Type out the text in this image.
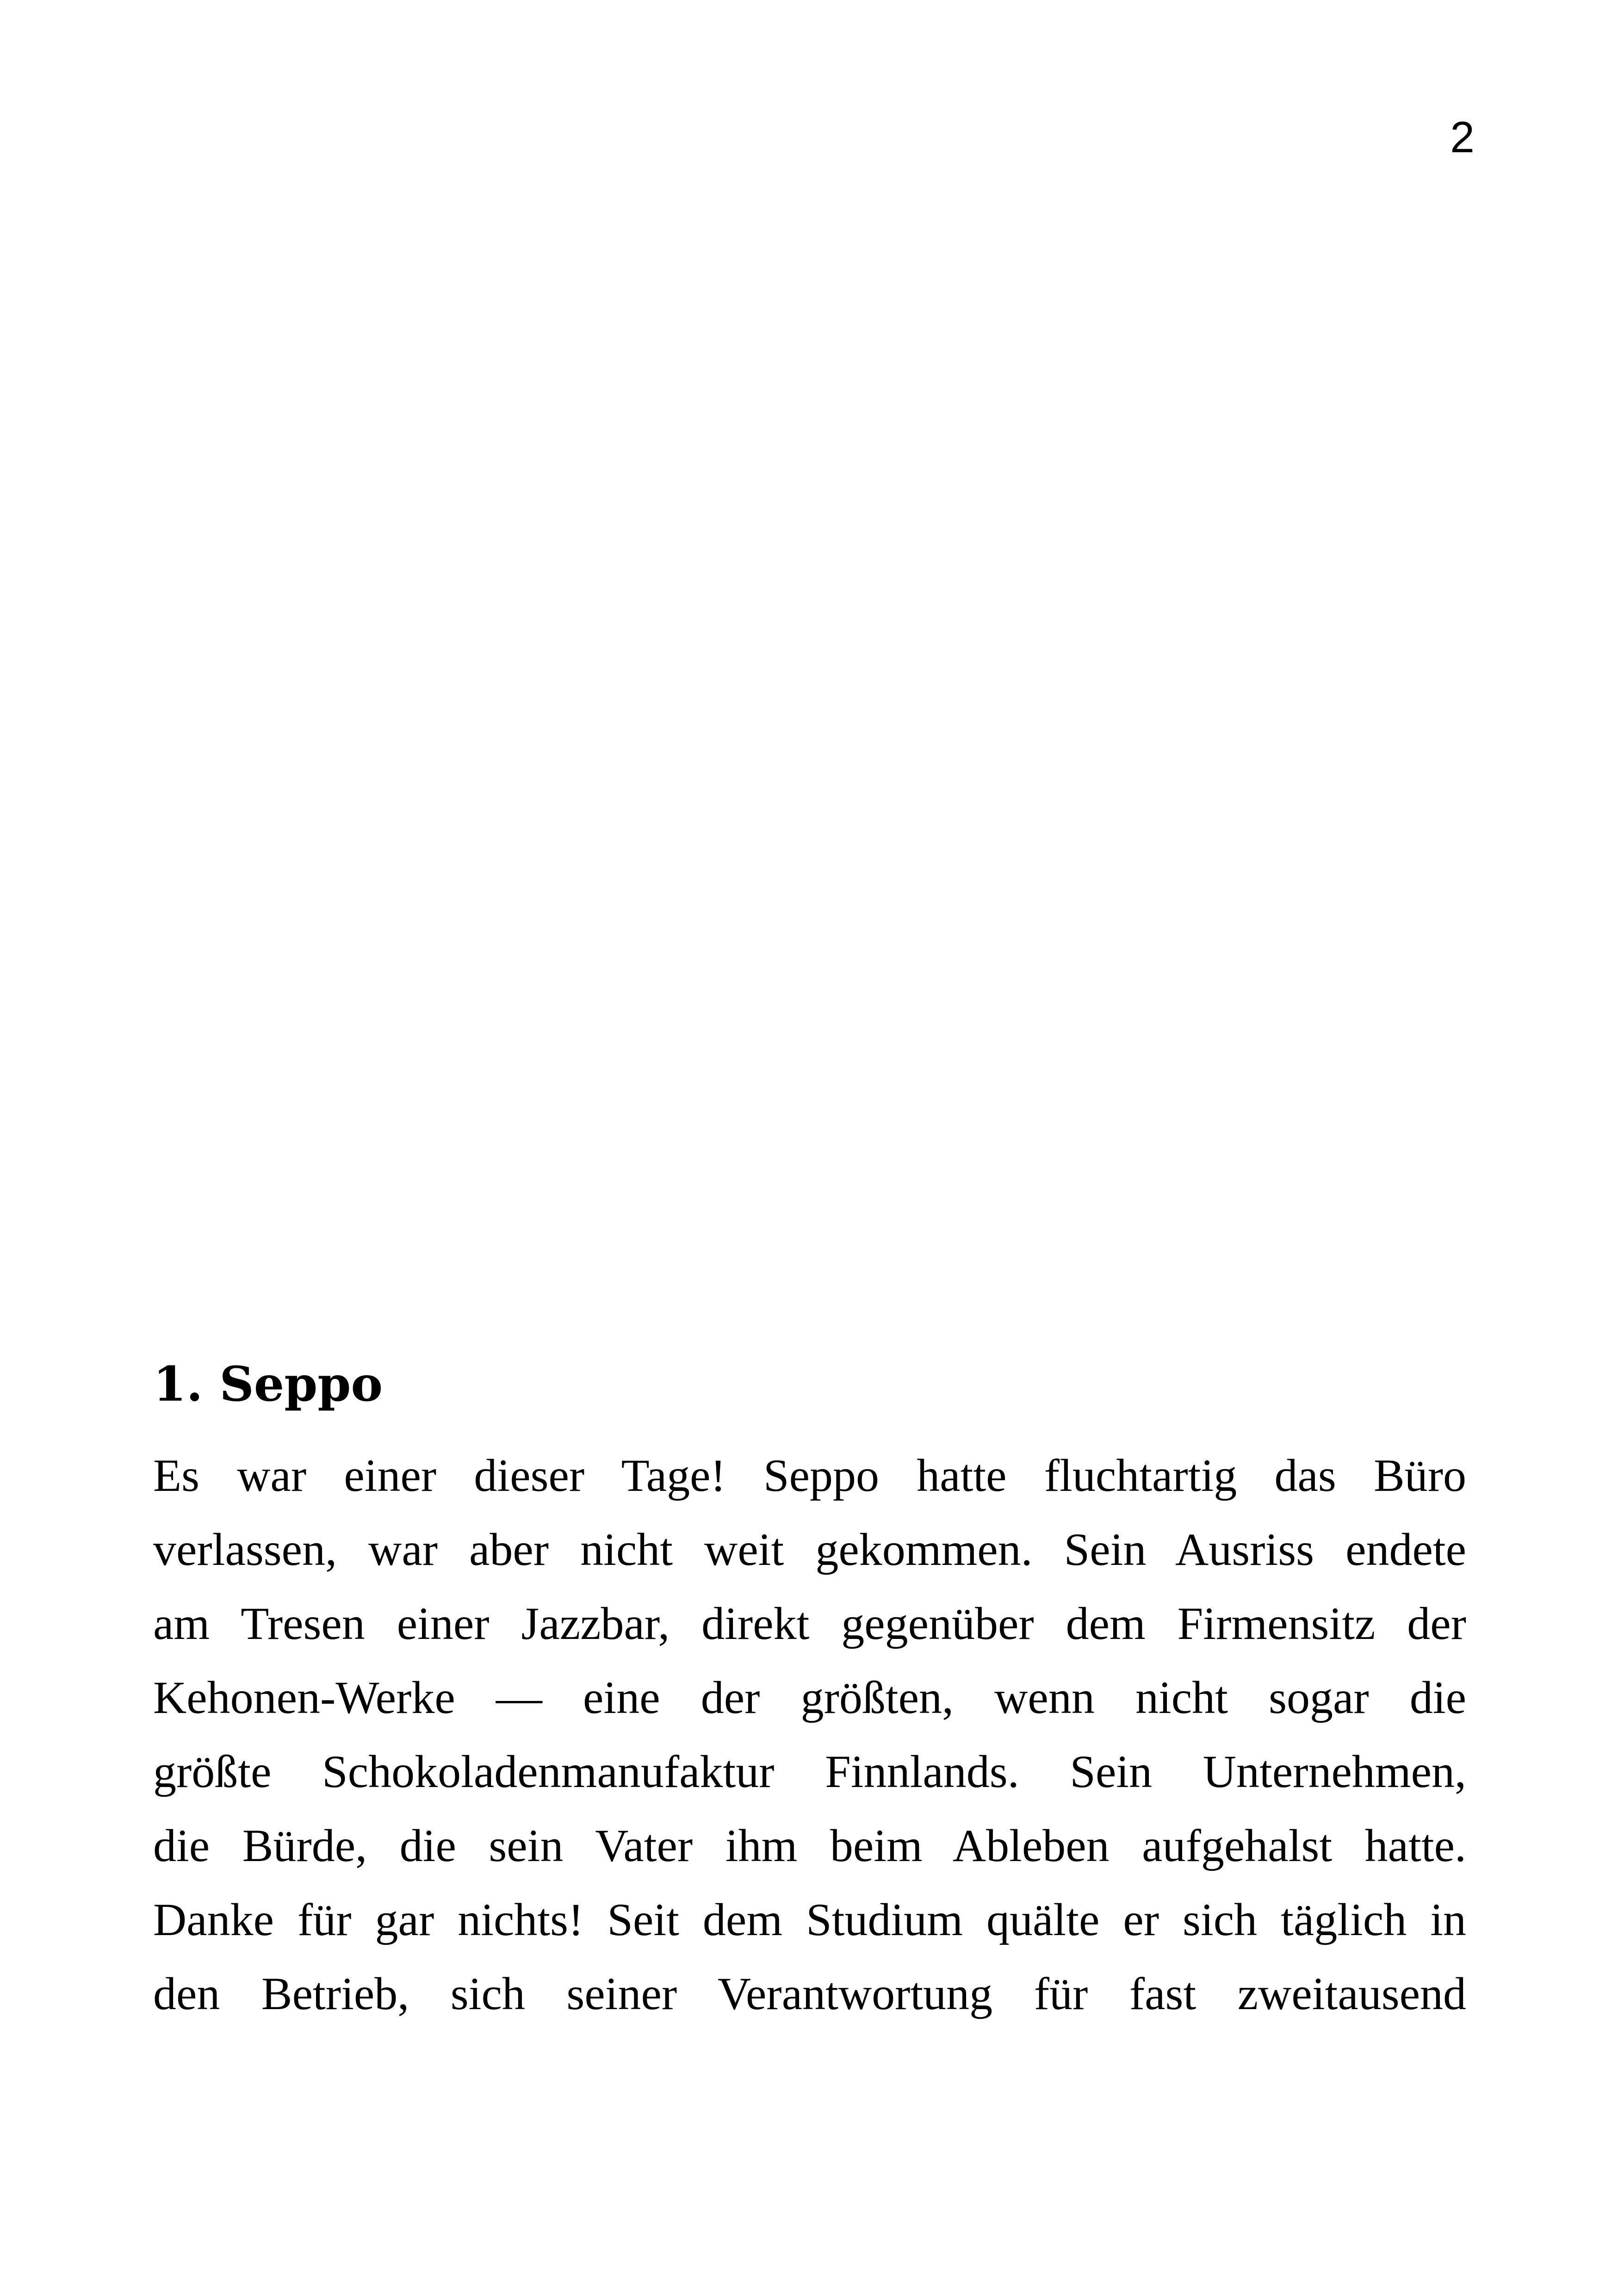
2
1. Seppo
Es war einer dieser Tage! Seppo hatte fluchtartig das Büro
verlassen, war aber nicht weit gekommen. Sein Ausriss endete
am Tresen einer Jazzbar, direkt gegenüber dem Firmensitz der
Kehonen-Werke — eine der größten, wenn nicht sogar die
größte Schokoladenmanufaktur Finnlands. Sein Unternehmen,
die Bürde, die sein Vater ihm beim Ableben aufgehalst hatte.
Danke für gar nichts! Seit dem Studium quälte er sich täglich in
den Betrieb, sich seiner Verantwortung für fast zweitausend
